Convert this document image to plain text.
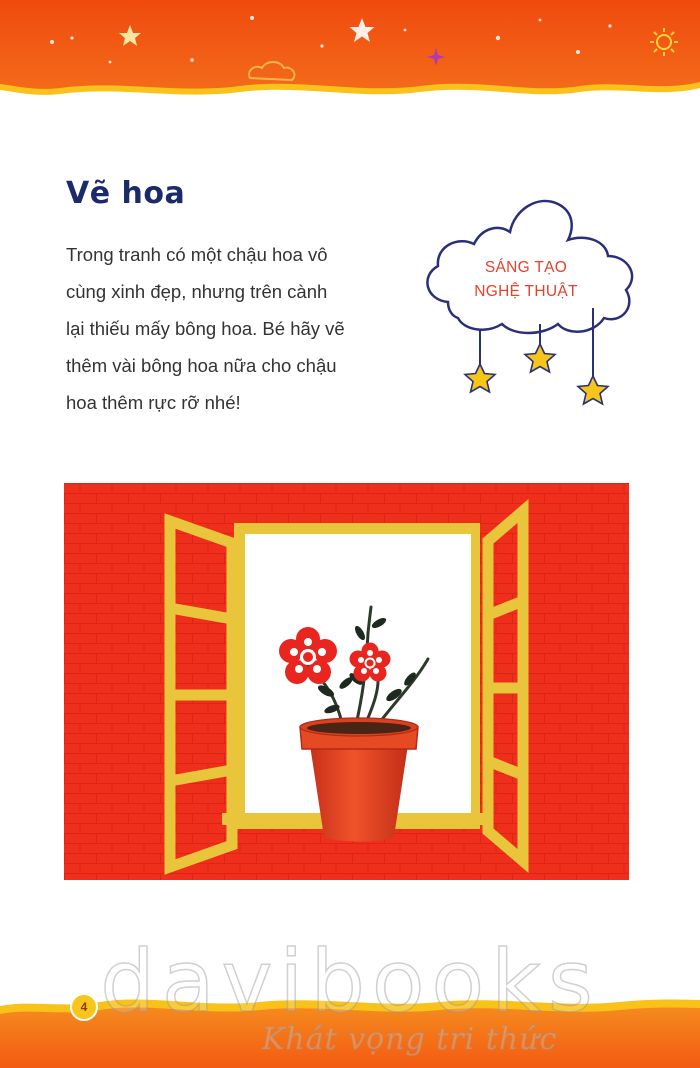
Vẽ hoa
Trong tranh có một chậu hoa vô
cùng xinh đẹp, nhưng trên cành
lại thiếu mấy bông hoa. Bé hãy vẽ
thêm vài bông hoa nữa cho chậu
hoa thêm rực rỡ nhé!
SÁNG TẠO
NGHỆ THUẬT
4 davibooks
Khát vọng tri thức
